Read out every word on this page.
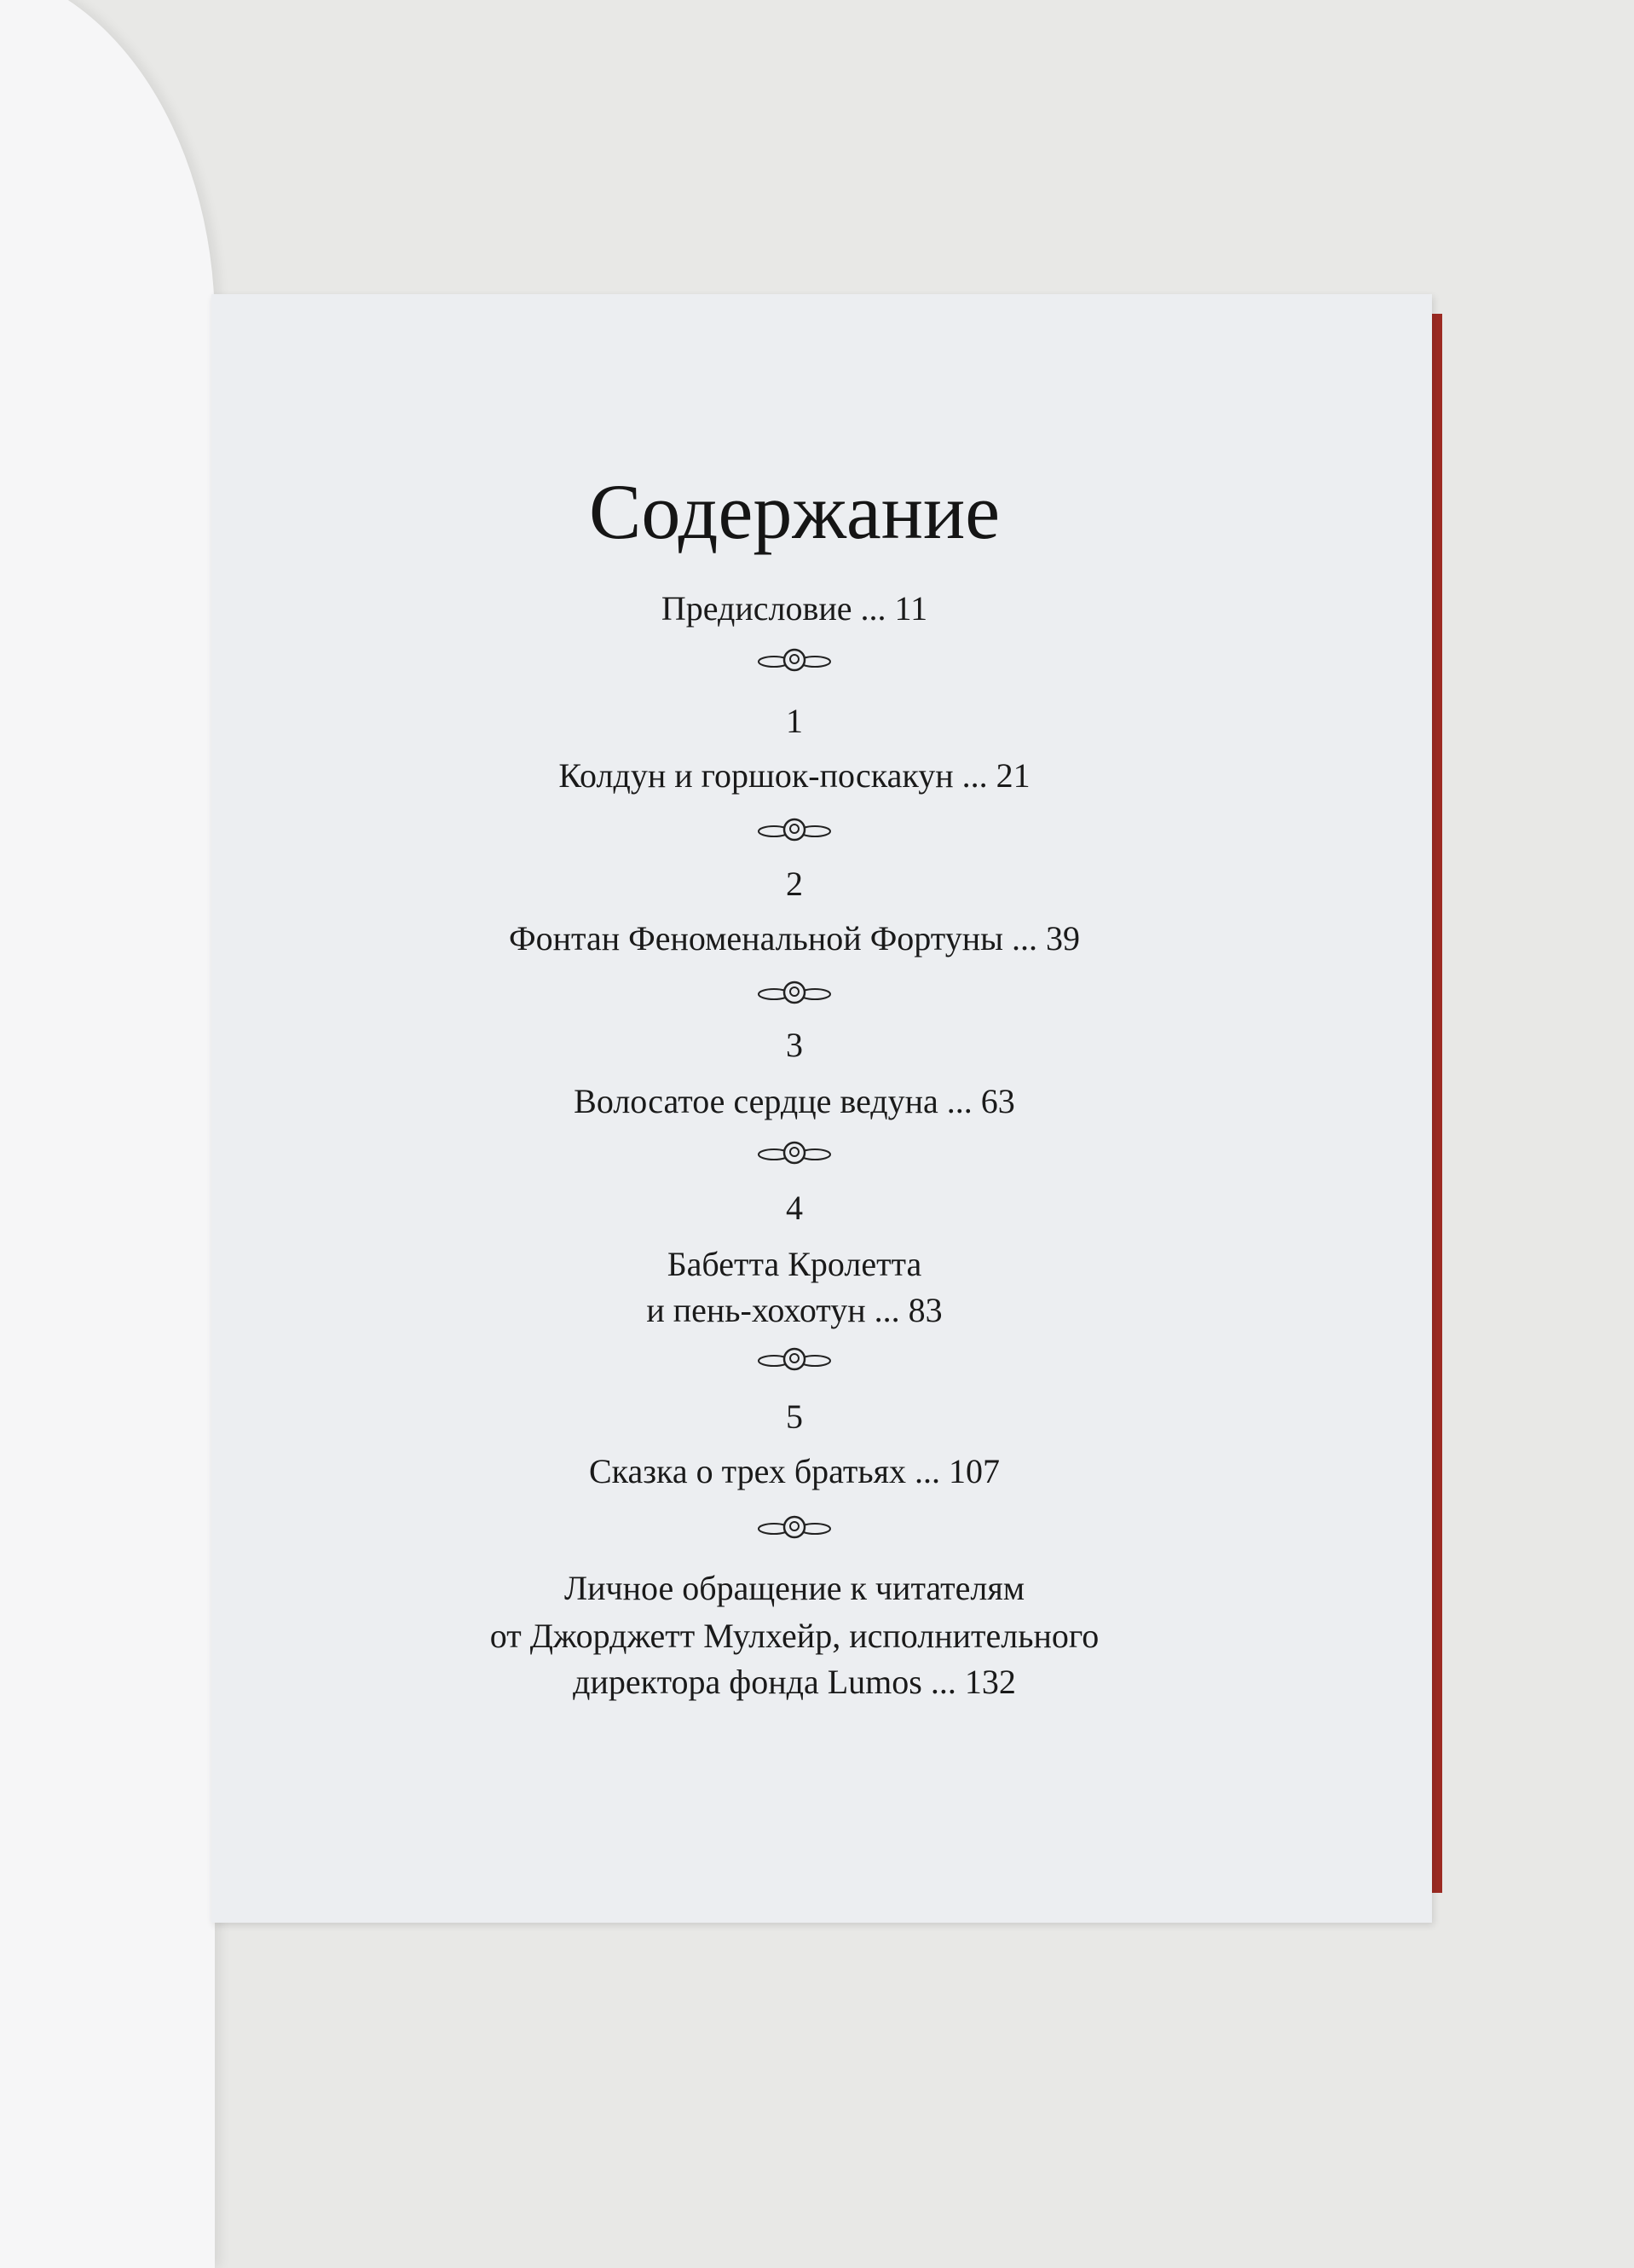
Содержание
Предисловие ... 11
1
Колдун и горшок-поскакун ... 21
2
Фонтан Феноменальной Фортуны ... 39
3
Волосатое сердце ведуна ... 63
4
Бабетта Кролетта
и пень-хохотун ... 83
5
Сказка о трех братьях ... 107
Личное обращение к читателям
от Джорджетт Мулхейр, исполнительного
директора фонда Lumos ... 132
